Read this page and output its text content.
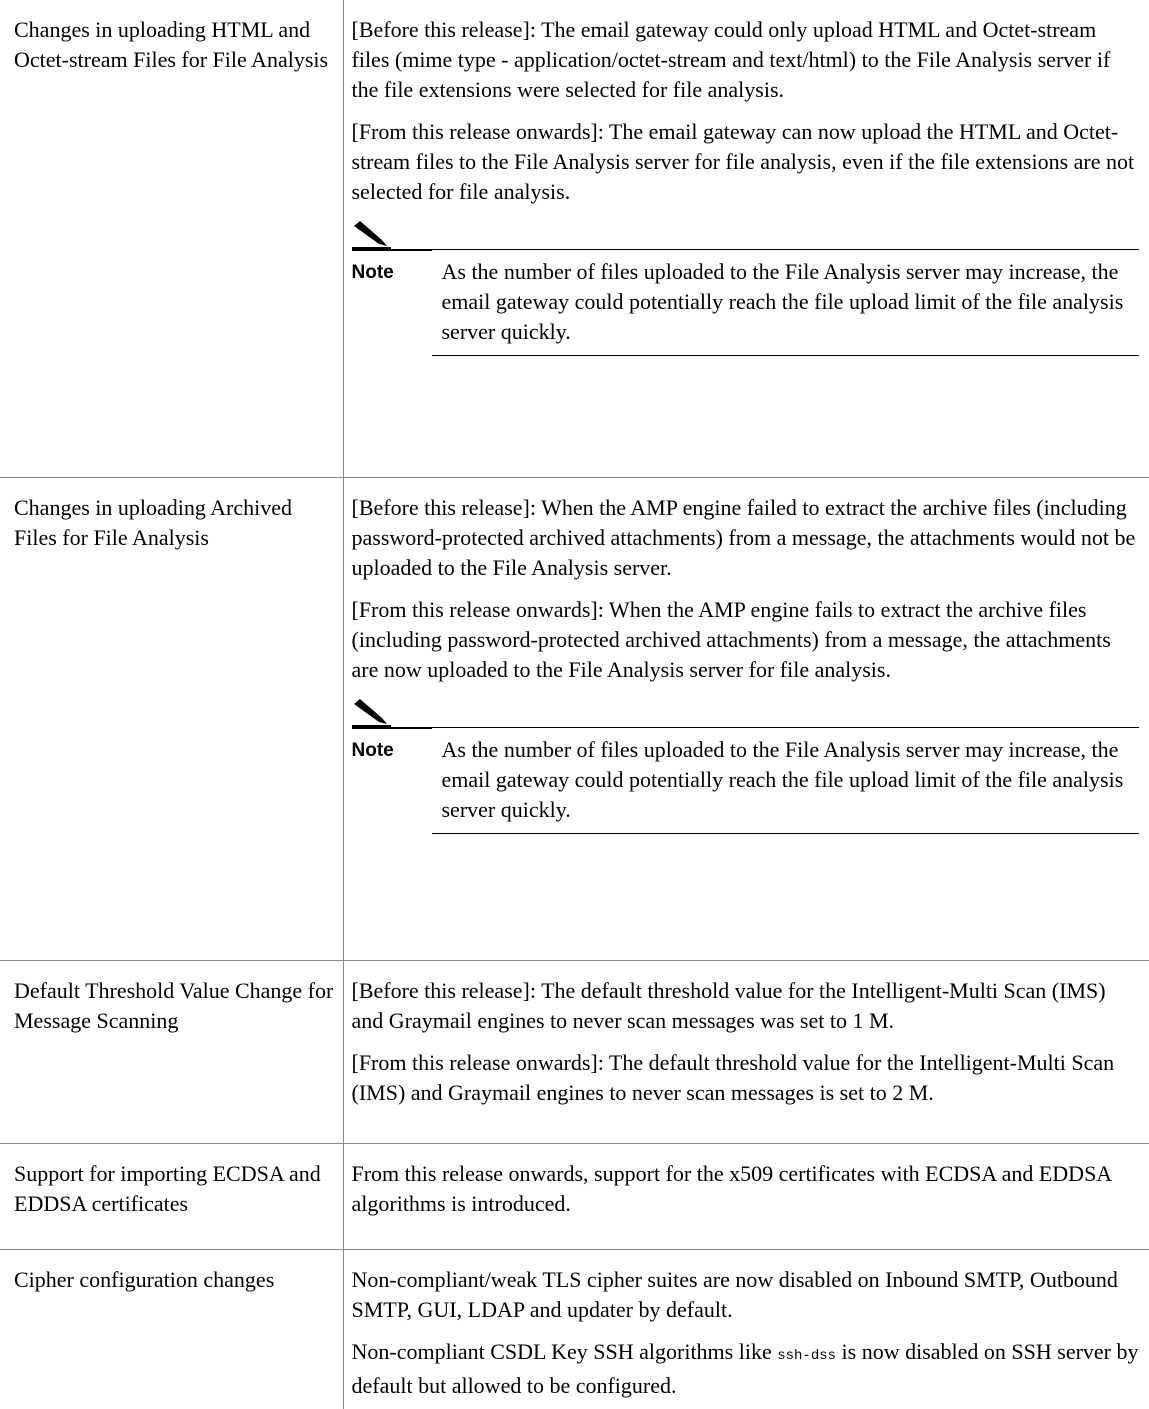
Changes in uploading HTML and Octet-stream Files for File Analysis	[Before this release]: The email gateway could only upload HTML and Octet-stream files (mime type - application/octet-stream and text/html) to the File Analysis server if the file extensions were selected for file analysis.

[From this release onwards]: The email gateway can now upload the HTML and Octet-stream files to the File Analysis server for file analysis, even if the file extensions are not selected for file analysis.

Note As the number of files uploaded to the File Analysis server may increase, the email gateway could potentially reach the file upload limit of the file analysis server quickly.

Changes in uploading Archived Files for File Analysis	[Before this release]: When the AMP engine failed to extract the archive files (including password-protected archived attachments) from a message, the attachments would not be uploaded to the File Analysis server.

[From this release onwards]: When the AMP engine fails to extract the archive files (including password-protected archived attachments) from a message, the attachments are now uploaded to the File Analysis server for file analysis.

Note As the number of files uploaded to the File Analysis server may increase, the email gateway could potentially reach the file upload limit of the file analysis server quickly.

Default Threshold Value Change for Message Scanning	[Before this release]: The default threshold value for the Intelligent-Multi Scan (IMS) and Graymail engines to never scan messages was set to 1 M.

[From this release onwards]: The default threshold value for the Intelligent-Multi Scan (IMS) and Graymail engines to never scan messages is set to 2 M.

Support for importing ECDSA and EDDSA certificates	From this release onwards, support for the x509 certificates with ECDSA and EDDSA algorithms is introduced.

Cipher configuration changes	Non-compliant/weak TLS cipher suites are now disabled on Inbound SMTP, Outbound SMTP, GUI, LDAP and updater by default.

Non-compliant CSDL Key SSH algorithms like ssh-dss is now disabled on SSH server by default but allowed to be configured.
